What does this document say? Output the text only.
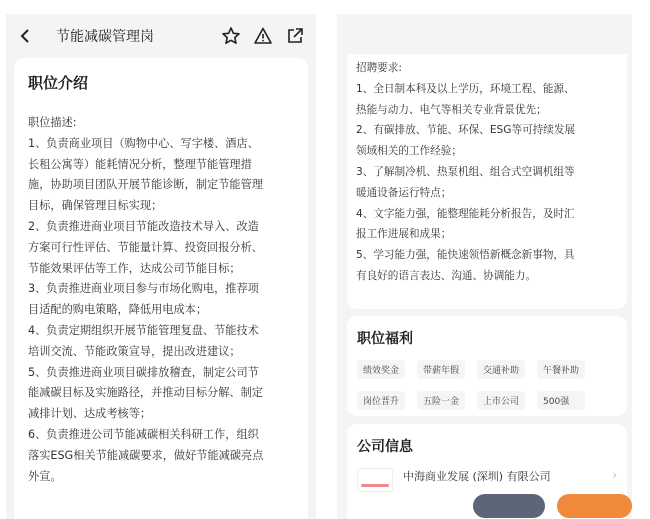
节能减碳管理岗
职位介绍
职位描述:
1、负责商业项目（购物中心、写字楼、酒店、
长租公寓等）能耗情况分析，整理节能管理措
施，协助项目团队开展节能诊断，制定节能管理
目标，确保管理目标实现；
2、负责推进商业项目节能改造技术导入、改造
方案可行性评估、节能量计算、投资回报分析、
节能效果评估等工作，达成公司节能目标；
3、负责推进商业项目参与市场化购电，推荐项
目适配的购电策略，降低用电成本；
4、负责定期组织开展节能管理复盘、节能技术
培训交流、节能政策宣导，提出改进建议；
5、负责推进商业项目碳排放稽查，制定公司节
能减碳目标及实施路径，并推动目标分解、制定
减排计划、达成考核等；
6、负责推进公司节能减碳相关科研工作，组织
落实ESG相关节能减碳要求，做好节能减碳亮点
外宣。
招聘要求:
1、全日制本科及以上学历，环境工程、能源、
热能与动力、电气等相关专业背景优先；
2、有碳排放、节能、环保、ESG等可持续发展
领域相关的工作经验；
3、了解制冷机、热泵机组、组合式空调机组等
暖通设备运行特点；
4、文字能力强，能整理能耗分析报告，及时汇
报工作进展和成果；
5、学习能力强，能快速领悟新概念新事物，具
有良好的语言表达、沟通、协调能力。
职位福利
绩效奖金	带薪年假	交通补助	午餐补助
岗位晋升	五险一金	上市公司	500强
公司信息
中海商业发展 (深圳) 有限公司	›
